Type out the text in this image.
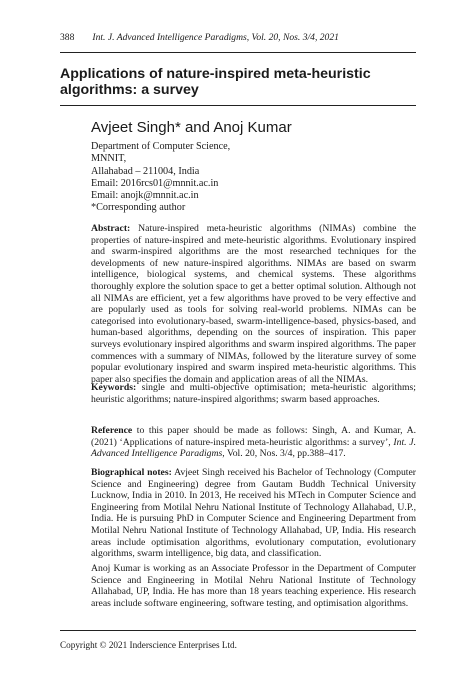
388 Int. J. Advanced Intelligence Paradigms, Vol. 20, Nos. 3/4, 2021
Applications of nature-inspired meta-heuristic algorithms: a survey
Avjeet Singh* and Anoj Kumar
Department of Computer Science,
MNNIT,
Allahabad – 211004, India
Email: 2016rcs01@mnnit.ac.in
Email: anojk@mnnit.ac.in
*Corresponding author

Abstract: Nature-inspired meta-heuristic algorithms (NIMAs) combine the properties of nature-inspired and mete-heuristic algorithms. Evolutionary inspired and swarm-inspired algorithms are the most researched techniques for the developments of new nature-inspired algorithms. NIMAs are based on swarm intelligence, biological systems, and chemical systems. These algorithms thoroughly explore the solution space to get a better optimal solution. Although not all NIMAs are efficient, yet a few algorithms have proved to be very effective and are popularly used as tools for solving real-world problems. NIMAs can be categorised into evolutionary-based, swarm-intelligence-based, physics-based, and human-based algorithms, depending on the sources of inspiration. This paper surveys evolutionary inspired algorithms and swarm inspired algorithms. The paper commences with a summary of NIMAs, followed by the literature survey of some popular evolutionary inspired and swarm inspired meta-heuristic algorithms. This paper also specifies the domain and application areas of all the NIMAs.

Keywords: single and multi-objective optimisation; meta-heuristic algorithms; heuristic algorithms; nature-inspired algorithms; swarm based approaches.

Reference to this paper should be made as follows: Singh, A. and Kumar, A. (2021) ‘Applications of nature-inspired meta-heuristic algorithms: a survey’, Int. J. Advanced Intelligence Paradigms, Vol. 20, Nos. 3/4, pp.388–417.

Biographical notes: Avjeet Singh received his Bachelor of Technology (Computer Science and Engineering) degree from Gautam Buddh Technical University Lucknow, India in 2010. In 2013, He received his MTech in Computer Science and Engineering from Motilal Nehru National Institute of Technology Allahabad, U.P., India. He is pursuing PhD in Computer Science and Engineering Department from Motilal Nehru National Institute of Technology Allahabad, UP, India. His research areas include optimisation algorithms, evolutionary computation, evolutionary algorithms, swarm intelligence, big data, and classification.

Anoj Kumar is working as an Associate Professor in the Department of Computer Science and Engineering in Motilal Nehru National Institute of Technology Allahabad, UP, India. He has more than 18 years teaching experience. His research areas include software engineering, software testing, and optimisation algorithms.

Copyright © 2021 Inderscience Enterprises Ltd.
